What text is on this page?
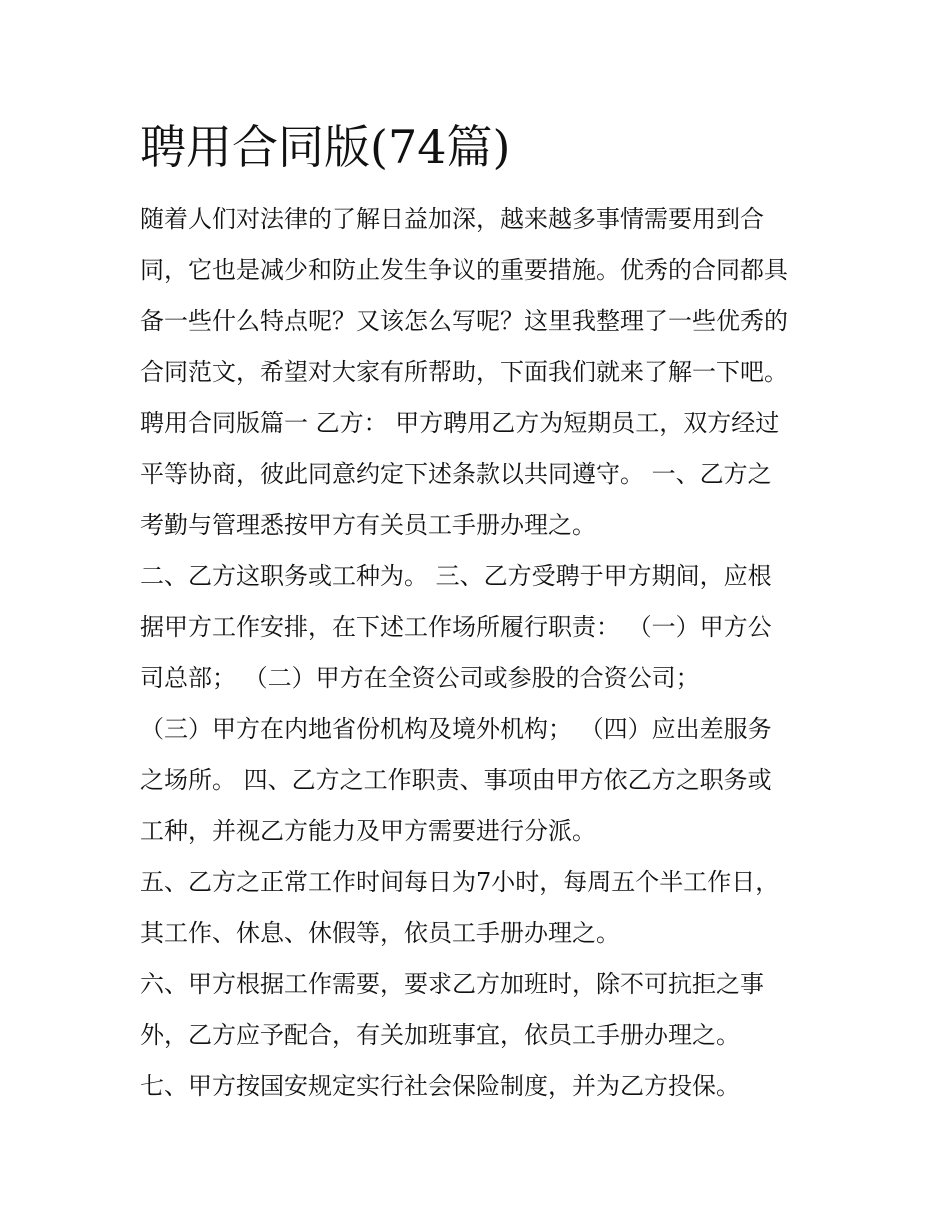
聘用合同版(74篇)

随着人们对法律的了解日益加深，越来越多事情需要用到合

同，它也是减少和防止发生争议的重要措施。优秀的合同都具

备一些什么特点呢？又该怎么写呢？这里我整理了一些优秀的

合同范文，希望对大家有所帮助，下面我们就来了解一下吧。

聘用合同版篇一 乙方： 甲方聘用乙方为短期员工，双方经过

平等协商，彼此同意约定下述条款以共同遵守。 一、乙方之

考勤与管理悉按甲方有关员工手册办理之。

二、乙方这职务或工种为。 三、乙方受聘于甲方期间，应根

据甲方工作安排，在下述工作场所履行职责： （一）甲方公

司总部； （二）甲方在全资公司或参股的合资公司；

（三）甲方在内地省份机构及境外机构； （四）应出差服务

之场所。 四、乙方之工作职责、事项由甲方依乙方之职务或

工种，并视乙方能力及甲方需要进行分派。

五、乙方之正常工作时间每日为7小时，每周五个半工作日，

其工作、休息、休假等，依员工手册办理之。

六、甲方根据工作需要，要求乙方加班时，除不可抗拒之事

外，乙方应予配合，有关加班事宜，依员工手册办理之。

七、甲方按国安规定实行社会保险制度，并为乙方投保。
